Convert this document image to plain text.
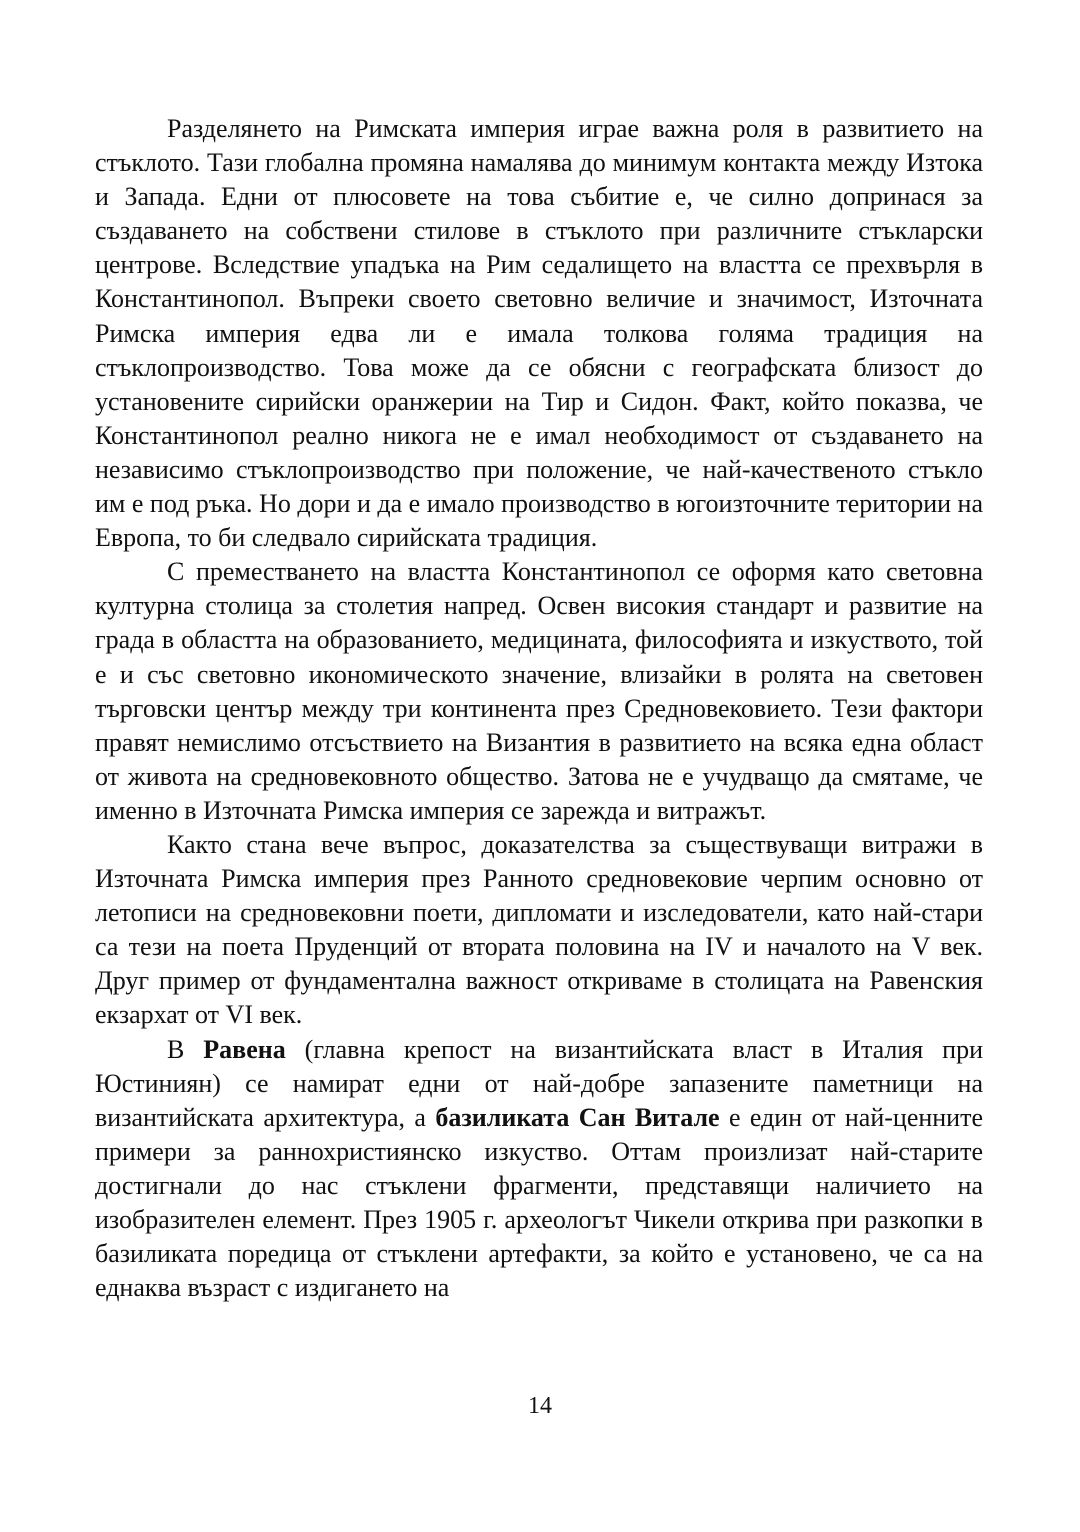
Разделянето на Римската империя играе важна роля в развитието на стъклото. Тази глобална промяна намалява до минимум контакта между Изтока и Запада. Едни от плюсовете на това събитие е, че силно допринася за създаването на собствени стилове в стъклото при различните стъкларски центрове. Вследствие упадъка на Рим седалището на властта се прехвърля в Константинопол. Въпреки своето световно величие и значимост, Източната Римска империя едва ли е имала толкова голяма традиция на стъклопроизводство. Това може да се обясни с географската близост до установените сирийски оранжерии на Тир и Сидон. Факт, който показва, че Константинопол реално никога не е имал необходимост от създаването на независимо стъклопроизводство при положение, че най-качественото стъкло им е под ръка. Но дори и да е имало производство в югоизточните територии на Европа, то би следвало сирийската традиция.

С преместването на властта Константинопол се оформя като световна културна столица за столетия напред. Освен високия стандарт и развитие на града в областта на образованието, медицината, философията и изкуството, той е и със световно икономическото значение, влизайки в ролята на световен търговски център между три континента през Средновековието. Тези фактори правят немислимо отсъствието на Византия в развитието на всяка една област от живота на средновековното общество. Затова не е учудващо да смятаме, че именно в Източната Римска империя се зарежда и витражът.

Както стана вече въпрос, доказателства за съществуващи витражи в Източната Римска империя през Ранното средновековие черпим основно от летописи на средновековни поети, дипломати и изследователи, като най-стари са тези на поета Пруденций от втората половина на IV и началото на V век. Друг пример от фундаментална важност откриваме в столицата на Равенския екзархат от VI век.

В Равена (главна крепост на византийската власт в Италия при Юстиниян) се намират едни от най-добре запазените паметници на византийската архитектура, а базиликата Сан Витале е един от най-ценните примери за раннохристиянско изкуство. Оттам произлизат най-старите достигнали до нас стъклени фрагменти, представящи наличието на изобразителен елемент. През 1905 г. археологът Чикели открива при разкопки в базиликата поредица от стъклени артефакти, за който е установено, че са на еднаква възраст с издигането на

14
